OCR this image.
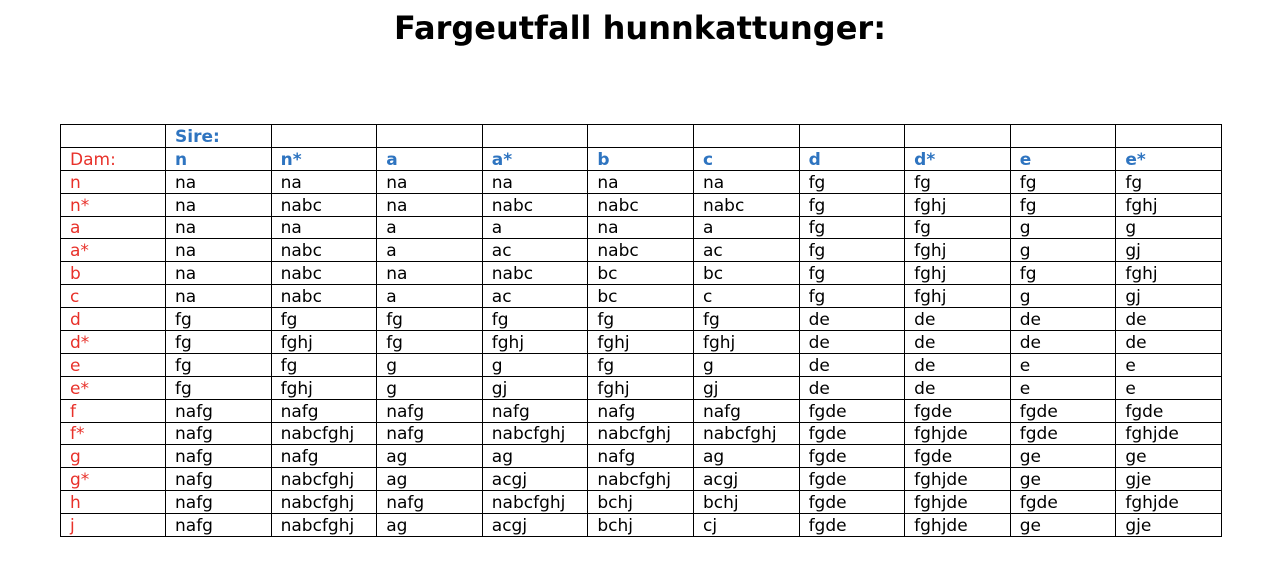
Fargeutfall hunnkattunger:
	Sire:									
Dam:	n	n*	a	a*	b	c	d	d*	e	e*
n	na	na	na	na	na	na	fg	fg	fg	fg
n*	na	nabc	na	nabc	nabc	nabc	fg	fghj	fg	fghj
a	na	na	a	a	na	a	fg	fg	g	g
a*	na	nabc	a	ac	nabc	ac	fg	fghj	g	gj
b	na	nabc	na	nabc	bc	bc	fg	fghj	fg	fghj
c	na	nabc	a	ac	bc	c	fg	fghj	g	gj
d	fg	fg	fg	fg	fg	fg	de	de	de	de
d*	fg	fghj	fg	fghj	fghj	fghj	de	de	de	de
e	fg	fg	g	g	fg	g	de	de	e	e
e*	fg	fghj	g	gj	fghj	gj	de	de	e	e
f	nafg	nafg	nafg	nafg	nafg	nafg	fgde	fgde	fgde	fgde
f*	nafg	nabcfghj	nafg	nabcfghj	nabcfghj	nabcfghj	fgde	fghjde	fgde	fghjde
g	nafg	nafg	ag	ag	nafg	ag	fgde	fgde	ge	ge
g*	nafg	nabcfghj	ag	acgj	nabcfghj	acgj	fgde	fghjde	ge	gje
h	nafg	nabcfghj	nafg	nabcfghj	bchj	bchj	fgde	fghjde	fgde	fghjde
j	nafg	nabcfghj	ag	acgj	bchj	cj	fgde	fghjde	ge	gje
